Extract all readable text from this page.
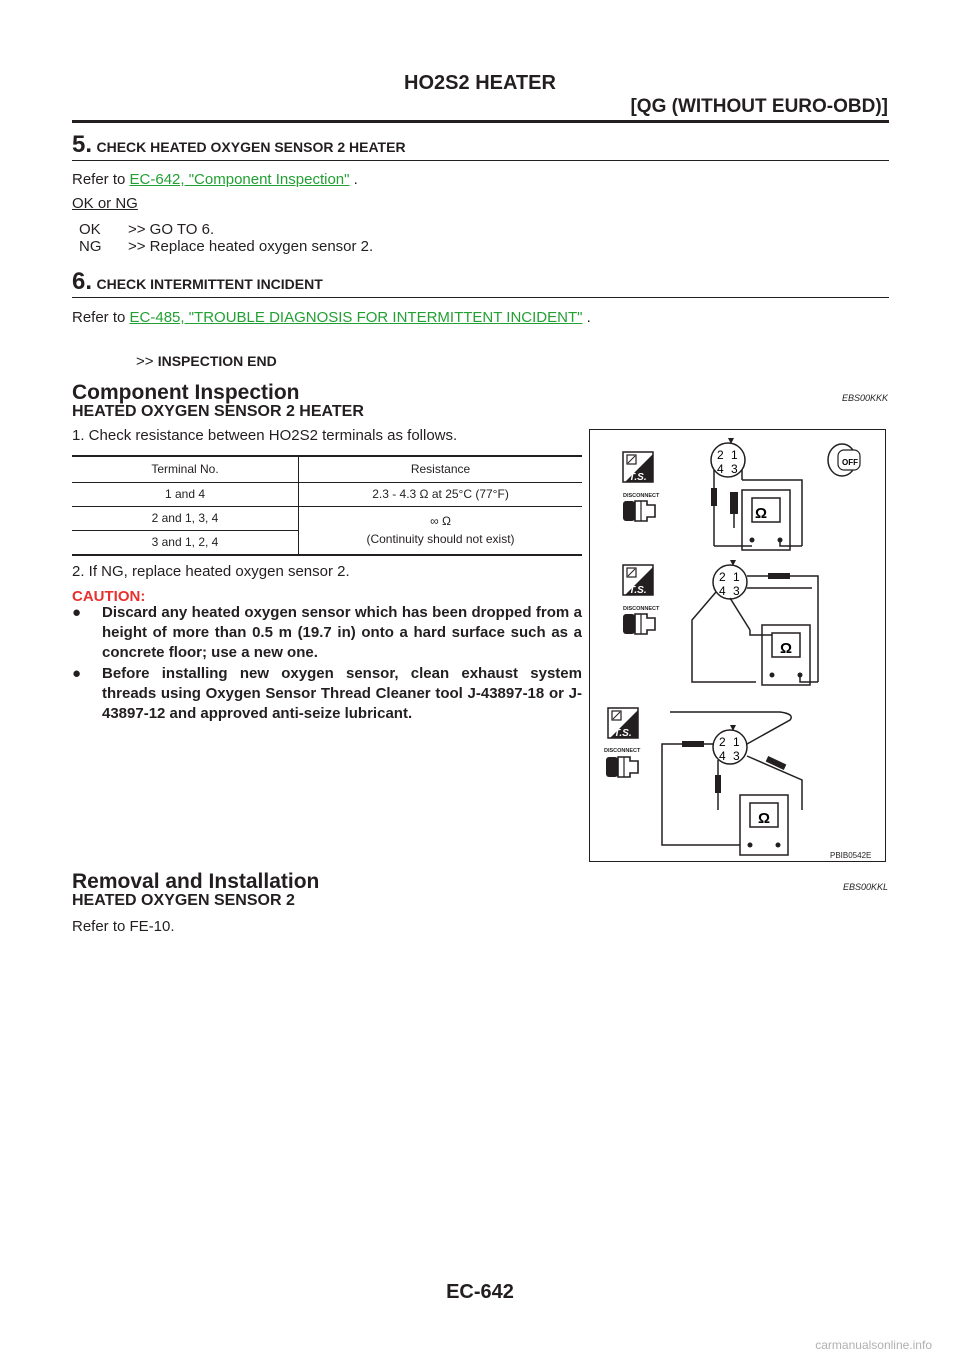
HO2S2 HEATER
[QG (WITHOUT EURO-OBD)]
5. CHECK HEATED OXYGEN SENSOR 2 HEATER
Refer to EC-642, "Component Inspection" .
OK or NG
OK >> GO TO 6.
NG >> Replace heated oxygen sensor 2.
6. CHECK INTERMITTENT INCIDENT
Refer to EC-485, "TROUBLE DIAGNOSIS FOR INTERMITTENT INCIDENT" .
>> INSPECTION END
Component Inspection	EBS00KKK
HEATED OXYGEN SENSOR 2 HEATER
1. Check resistance between HO2S2 terminals as follows.
Terminal No.	Resistance
1 and 4	2.3 - 4.3 Ω at 25°C (77°F)
2 and 1, 3, 4	∞ Ω
(Continuity should not exist)
3 and 1, 2, 4	
2. If NG, replace heated oxygen sensor 2.
CAUTION:
● Discard any heated oxygen sensor which has been dropped from a height of more than 0.5 m (19.7 in) onto a hard surface such as a concrete floor; use a new one.
● Before installing new oxygen sensor, clean exhaust system threads using Oxygen Sensor Thread Cleaner tool J-43897-18 or J-43897-12 and approved anti-seize lubricant.
T.S.
DISCONNECT
2 1
4 3
Ω
OFF
T.S.
DISCONNECT
2 1
4 3
Ω
T.S.
DISCONNECT
2 1
4 3
Ω
PBIB0542E
Removal and Installation	EBS00KKL
HEATED OXYGEN SENSOR 2
Refer to FE-10.
EC-642
carmanualsonline.info
